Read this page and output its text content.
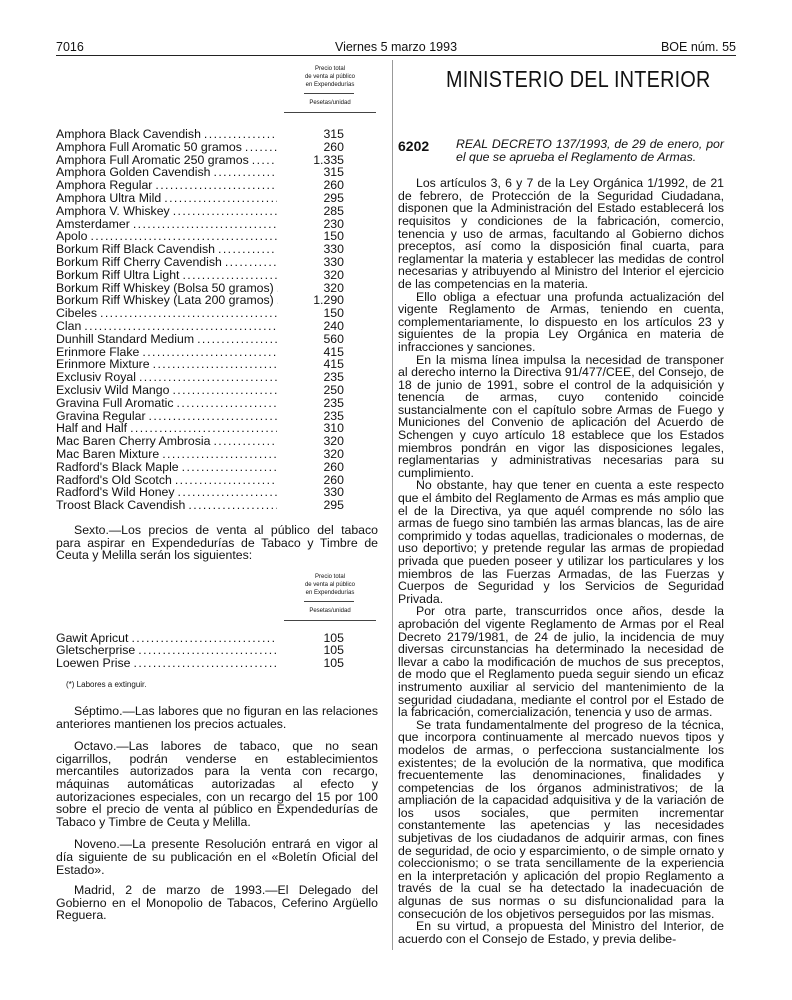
7016	Viernes 5 marzo 1993	BOE núm. 55
Precio total
de venta al público
en Expendedurías
Pesetas/unidad
Amphora Black Cavendish . . .	315
Amphora Full Aromatic 50 gramos . . .	260
Amphora Full Aromatic 250 gramos . . .	1.335
Amphora Golden Cavendish . . .	315
Amphora Regular . . .	260
Amphora Ultra Mild . . .	295
Amphora V. Whiskey . . .	285
Amsterdamer . . .	230
Apolo . . .	150
Borkum Riff Black Cavendish . . .	330
Borkum Riff Cherry Cavendish . . .	330
Borkum Riff Ultra Light . . .	320
Borkum Riff Whiskey (Bolsa 50 gramos) . . .	320
Borkum Riff Whiskey (Lata 200 gramos) . . .	1.290
Cibeles . . .	150
Clan . . .	240
Dunhill Standard Medium . . .	560
Erinmore Flake . . .	415
Erinmore Mixture . . .	415
Exclusiv Royal . . .	235
Exclusiv Wild Mango . . .	250
Gravina Full Aromatic . . .	235
Gravina Regular . . .	235
Half and Half . . .	310
Mac Baren Cherry Ambrosia . . .	320
Mac Baren Mixture . . .	320
Radford's Black Maple . . .	260
Radford's Old Scotch . . .	260
Radford's Wild Honey . . .	330
Troost Black Cavendish . . .	295

Sexto.—Los precios de venta al público del tabaco para aspirar en Expendedurías de Tabaco y Timbre de Ceuta y Melilla serán los siguientes:

Precio total
de venta al público
en Expendedurías
Pesetas/unidad
Gawit Apricut . . .	105
Gletscherprise . . .	105
Loewen Prise . . .	105
(*) Labores a extinguir.

Séptimo.—Las labores que no figuran en las relaciones anteriores mantienen los precios actuales.

Octavo.—Las labores de tabaco, que no sean cigarrillos, podrán venderse en establecimientos mercantiles autorizados para la venta con recargo, máquinas automáticas autorizadas al efecto y autorizaciones especiales, con un recargo del 15 por 100 sobre el precio de venta al público en Expendedurías de Tabaco y Timbre de Ceuta y Melilla.

Noveno.—La presente Resolución entrará en vigor al día siguiente de su publicación en el «Boletín Oficial del Estado».

Madrid, 2 de marzo de 1993.—El Delegado del Gobierno en el Monopolio de Tabacos, Ceferino Argüello Reguera.

MINISTERIO DEL INTERIOR
6202	REAL DECRETO 137/1993, de 29 de enero, por el que se aprueba el Reglamento de Armas.

Los artículos 3, 6 y 7 de la Ley Orgánica 1/1992, de 21 de febrero, de Protección de la Seguridad Ciudadana, disponen que la Administración del Estado establecerá los requisitos y condiciones de la fabricación, comercio, tenencia y uso de armas, facultando al Gobierno dichos preceptos, así como la disposición final cuarta, para reglamentar la materia y establecer las medidas de control necesarias y atribuyendo al Ministro del Interior el ejercicio de las competencias en la materia.

Ello obliga a efectuar una profunda actualización del vigente Reglamento de Armas, teniendo en cuenta, complementariamente, lo dispuesto en los artículos 23 y siguientes de la propia Ley Orgánica en materia de infracciones y sanciones.

En la misma línea impulsa la necesidad de transponer al derecho interno la Directiva 91/477/CEE, del Consejo, de 18 de junio de 1991, sobre el control de la adquisición y tenencia de armas, cuyo contenido coincide sustancialmente con el capítulo sobre Armas de Fuego y Municiones del Convenio de aplicación del Acuerdo de Schengen y cuyo artículo 18 establece que los Estados miembros pondrán en vigor las disposiciones legales, reglamentarias y administrativas necesarias para su cumplimiento.

No obstante, hay que tener en cuenta a este respecto que el ámbito del Reglamento de Armas es más amplio que el de la Directiva, ya que aquél comprende no sólo las armas de fuego sino también las armas blancas, las de aire comprimido y todas aquellas, tradicionales o modernas, de uso deportivo; y pretende regular las armas de propiedad privada que pueden poseer y utilizar los particulares y los miembros de las Fuerzas Armadas, de las Fuerzas y Cuerpos de Seguridad y los Servicios de Seguridad Privada.

Por otra parte, transcurridos once años, desde la aprobación del vigente Reglamento de Armas por el Real Decreto 2179/1981, de 24 de julio, la incidencia de muy diversas circunstancias ha determinado la necesidad de llevar a cabo la modificación de muchos de sus preceptos, de modo que el Reglamento pueda seguir siendo un eficaz instrumento auxiliar al servicio del mantenimiento de la seguridad ciudadana, mediante el control por el Estado de la fabricación, comercialización, tenencia y uso de armas.

Se trata fundamentalmente del progreso de la técnica, que incorpora continuamente al mercado nuevos tipos y modelos de armas, o perfecciona sustancialmente los existentes; de la evolución de la normativa, que modifica frecuentemente las denominaciones, finalidades y competencias de los órganos administrativos; de la ampliación de la capacidad adquisitiva y de la variación de los usos sociales, que permiten incrementar constantemente las apetencias y las necesidades subjetivas de los ciudadanos de adquirir armas, con fines de seguridad, de ocio y esparcimiento, o de simple ornato y coleccionismo; o se trata sencillamente de la experiencia en la interpretación y aplicación del propio Reglamento a través de la cual se ha detectado la inadecuación de algunas de sus normas o su disfuncionalidad para la consecución de los objetivos perseguidos por las mismas.

En su virtud, a propuesta del Ministro del Interior, de acuerdo con el Consejo de Estado, y previa delibe-
